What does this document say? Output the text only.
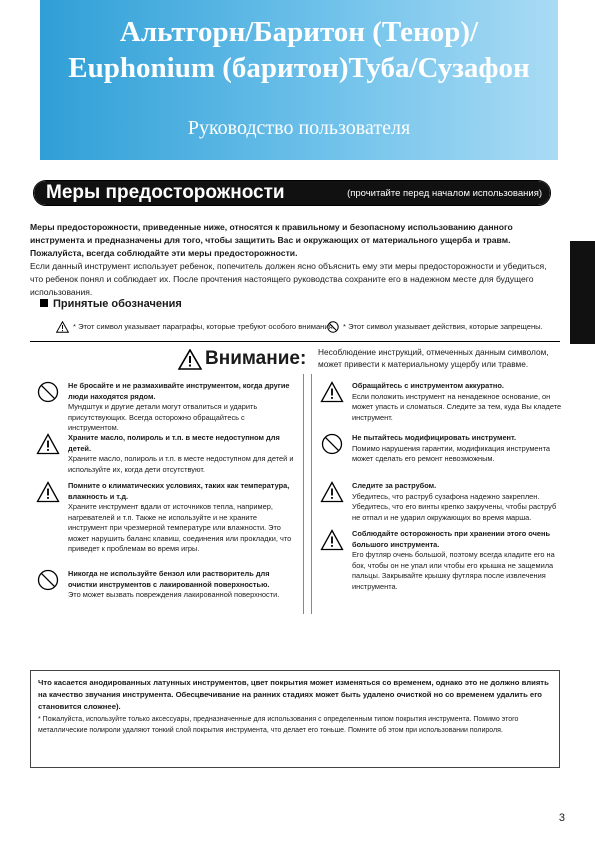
Альтгорн/Баритон (Тенор)/
Euphonium (баритон)Туба/Сузафон
Руководство пользователя
Меры предосторожности	(прочитайте перед началом использования)
Меры предосторожности, приведенные ниже, относятся к правильному и безопасному использованию данного инструмента и предназначены для того, чтобы защитить Вас и окружающих от материального ущерба и травм. Пожалуйста, всегда соблюдайте эти меры предосторожности.
Если данный инструмент использует ребенок, попечитель должен ясно объяснить ему эти меры предосторожности и убедиться, что ребенок понял и соблюдает их. После прочтения настоящего руководства сохраните его в надежном месте для будущего использования.
Принятые обозначения
* Этот символ указывает параграфы, которые требуют особого внимания. * Этот символ указывает действия, которые запрещены.
Внимание: Несоблюдение инструкций, отмеченных данным символом, может привести к материальному ущербу или травме.
Не бросайте и не размахивайте инструментом, когда другие люди находятся рядом.
Мундштук и другие детали могут отвалиться и ударить присутствующих. Всегда осторожно обращайтесь с инструментом.
Храните масло, полироль и т.п. в месте недоступном для детей.
Храните масло, полироль и т.п. в месте недоступном для детей и используйте их, когда дети отсутствуют.
Помните о климатических условиях, таких как температура, влажность и т.д.
Храните инструмент вдали от источников тепла, например, нагревателей и т.п. Также не используйте и не храните инструмент при чрезмерной температуре или влажности. Это может нарушить баланс клавиш, соединения или прокладки, что приведет к проблемам во время игры.
Никогда не используйте бензол или растворитель для очистки инструментов с лакированной поверхностью.
Это может вызвать повреждения лакированной поверхности.
Обращайтесь с инструментом аккуратно.
Если положить инструмент на ненадежное основание, он может упасть и сломаться. Следите за тем, куда Вы кладете инструмент.
Не пытайтесь модифицировать инструмент.
Помимо нарушения гарантии, модификация инструмента может сделать его ремонт невозможным.
Следите за раструбом.
Убедитесь, что раструб сузафона надежно закреплен. Убедитесь, что его винты крепко закручены, чтобы раструб не отпал и не ударил окружающих во время марша.
Соблюдайте осторожность при хранении этого очень большого инструмента.
Его футляр очень большой, поэтому всегда кладите его на бок, чтобы он не упал или чтобы его крышка не защемила пальцы. Закрывайте крышку футляра после извлечения инструмента.
Что касается анодированных латунных инструментов, цвет покрытия может изменяться со временем, однако это не должно влиять на качество звучания инструмента. Обесцвечивание на ранних стадиях может быть удалено очисткой но со временем удалить его становится сложнее).
* Пожалуйста, используйте только аксессуары, предназначенные для использования с определенным типом покрытия инструмента. Помимо этого металлические полироли удаляют тонкий слой покрытия инструмента, что делает его тоньше. Помните об этом при использовании полироля.
3
